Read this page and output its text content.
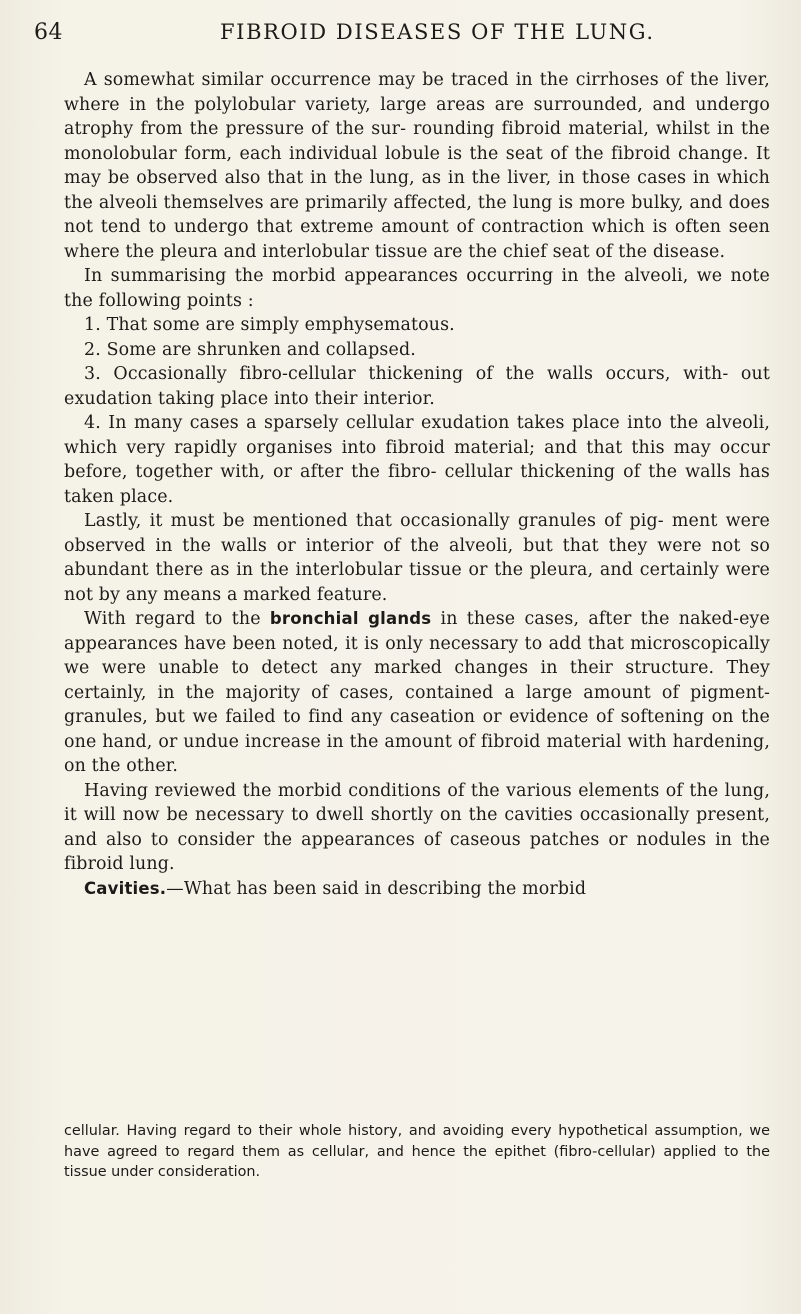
64	FIBROID DISEASES OF THE LUNG.

A somewhat similar occurrence may be traced in the cirrhoses of the liver, where in the polylobular variety, large areas are surrounded, and undergo atrophy from the pressure of the sur- rounding fibroid material, whilst in the monolobular form, each individual lobule is the seat of the fibroid change. It may be observed also that in the lung, as in the liver, in those cases in which the alveoli themselves are primarily affected, the lung is more bulky, and does not tend to undergo that extreme amount of contraction which is often seen where the pleura and interlobular tissue are the chief seat of the disease.

In summarising the morbid appearances occurring in the alveoli, we note the following points :

1. That some are simply emphysematous.

2. Some are shrunken and collapsed.

3. Occasionally fibro-cellular thickening of the walls occurs, with- out exudation taking place into their interior.

4. In many cases a sparsely cellular exudation takes place into the alveoli, which very rapidly organises into fibroid material; and that this may occur before, together with, or after the fibro- cellular thickening of the walls has taken place.

Lastly, it must be mentioned that occasionally granules of pig- ment were observed in the walls or interior of the alveoli, but that they were not so abundant there as in the interlobular tissue or the pleura, and certainly were not by any means a marked feature.

With regard to the bronchial glands in these cases, after the naked-eye appearances have been noted, it is only necessary to add that microscopically we were unable to detect any marked changes in their structure. They certainly, in the majority of cases, contained a large amount of pigment-granules, but we failed to find any caseation or evidence of softening on the one hand, or undue increase in the amount of fibroid material with hardening, on the other.

Having reviewed the morbid conditions of the various elements of the lung, it will now be necessary to dwell shortly on the cavities occasionally present, and also to consider the appearances of caseous patches or nodules in the fibroid lung.

Cavities.—What has been said in describing the morbid

cellular. Having regard to their whole history, and avoiding every hypothetical assumption, we have agreed to regard them as cellular, and hence the epithet (fibro-cellular) applied to the tissue under consideration.
